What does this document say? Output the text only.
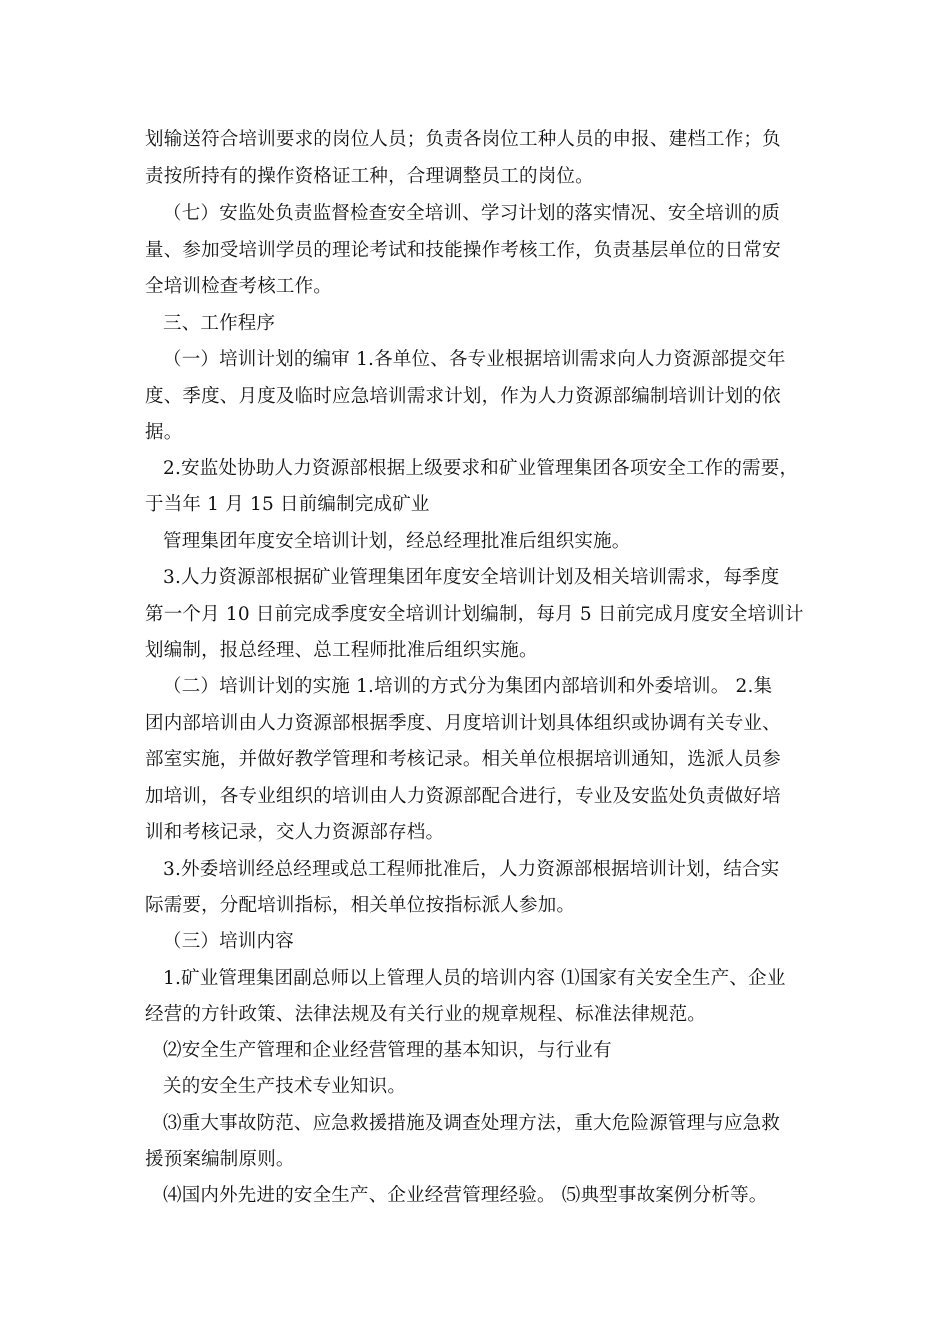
划输送符合培训要求的岗位人员；负责各岗位工种人员的申报、建档工作；负
责按所持有的操作资格证工种，合理调整员工的岗位。
（七）安监处负责监督检查安全培训、学习计划的落实情况、安全培训的质
量、参加受培训学员的理论考试和技能操作考核工作，负责基层单位的日常安
全培训检查考核工作。
三、工作程序
（一）培训计划的编审 1.各单位、各专业根据培训需求向人力资源部提交年
度、季度、月度及临时应急培训需求计划，作为人力资源部编制培训计划的依
据。
2.安监处协助人力资源部根据上级要求和矿业管理集团各项安全工作的需要，
于当年 1 月 15 日前编制完成矿业
管理集团年度安全培训计划，经总经理批准后组织实施。
3.人力资源部根据矿业管理集团年度安全培训计划及相关培训需求，每季度
第一个月 10 日前完成季度安全培训计划编制，每月 5 日前完成月度安全培训计
划编制，报总经理、总工程师批准后组织实施。
（二）培训计划的实施 1.培训的方式分为集团内部培训和外委培训。 2.集
团内部培训由人力资源部根据季度、月度培训计划具体组织或协调有关专业、
部室实施，并做好教学管理和考核记录。相关单位根据培训通知，选派人员参
加培训，各专业组织的培训由人力资源部配合进行，专业及安监处负责做好培
训和考核记录，交人力资源部存档。
3.外委培训经总经理或总工程师批准后，人力资源部根据培训计划，结合实
际需要，分配培训指标，相关单位按指标派人参加。
（三）培训内容
1.矿业管理集团副总师以上管理人员的培训内容 ⑴国家有关安全生产、企业
经营的方针政策、法律法规及有关行业的规章规程、标准法律规范。
⑵安全生产管理和企业经营管理的基本知识，与行业有
关的安全生产技术专业知识。
⑶重大事故防范、应急救援措施及调查处理方法，重大危险源管理与应急救
援预案编制原则。
⑷国内外先进的安全生产、企业经营管理经验。 ⑸典型事故案例分析等。
